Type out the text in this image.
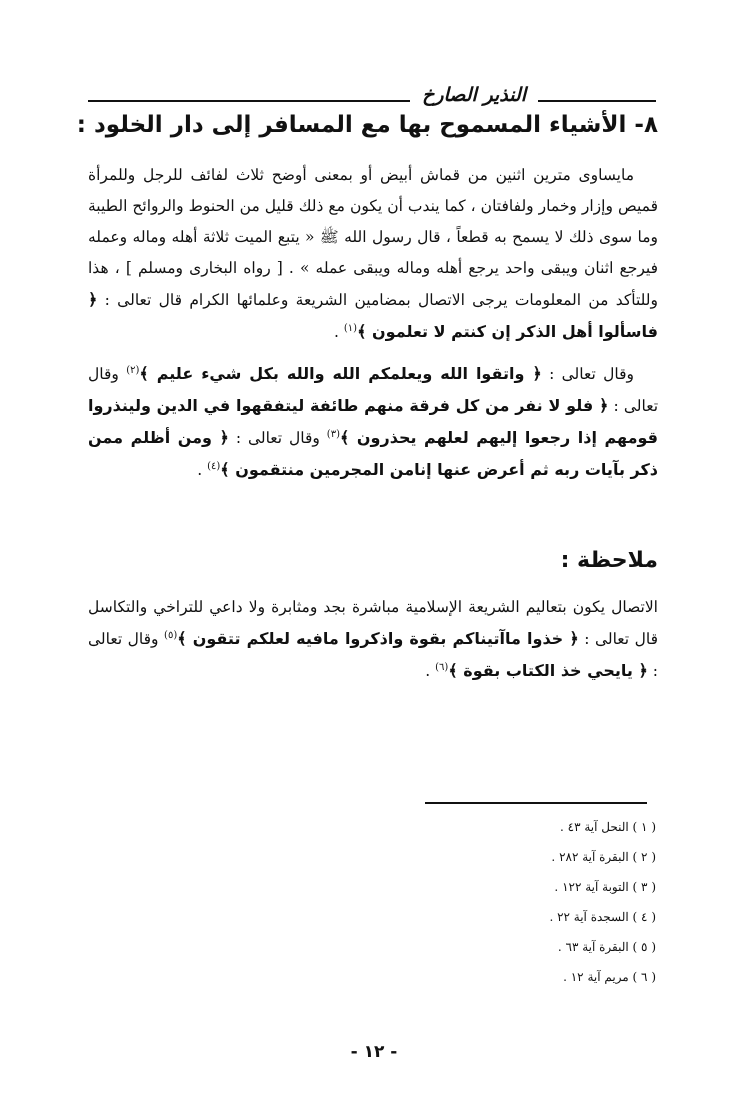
النذير الصارخ
٨- الأشياء المسموح بها مع المسافر إلى دار الخلود :

مايساوى مترين اثنين من قماش أبيض أو بمعنى أوضح ثلاث لفائف للرجل وللمرأة قميص وإزار وخمار ولفافتان ، كما يندب أن يكون مع ذلك قليل من الحنوط والروائح الطيبة وما سوى ذلك لا يسمح به قطعاً ، قال رسول الله ﷺ « يتبع الميت ثلاثة أهله وماله وعمله فيرجع اثنان ويبقى واحد يرجع أهله وماله ويبقى عمله » . [ رواه البخارى ومسلم ] ، هذا وللتأكد من المعلومات يرجى الاتصال بمضامين الشريعة وعلمائها الكرام قال تعالى : ﴿ فاسألوا أهل الذكر إن كنتم لا تعلمون ﴾$^{(١)}$ .

وقال تعالى : ﴿ واتقوا الله ويعلمكم الله والله بكل شيء عليم ﴾$^{(٢)}$ وقال تعالى : ﴿ فلو لا نفر من كل فرقة منهم طائفة ليتفقهوا في الدين ولينذروا قومهم إذا رجعوا إليهم لعلهم يحذرون ﴾$^{(٣)}$ وقال تعالى : ﴿ ومن أظلم ممن ذكر بآيات ربه ثم أعرض عنها إنامن المجرمين منتقمون ﴾$^{(٤)}$ .

ملاحظة :

الاتصال يكون بتعاليم الشريعة الإسلامية مباشرة بجد ومثابرة ولا داعي للتراخي والتكاسل قال تعالى : ﴿ خذوا ماآتيناكم بقوة واذكروا مافيه لعلكم تتقون ﴾$^{(٥)}$ وقال تعالى : ﴿ يايحي خذ الكتاب بقوة ﴾$^{(٦)}$ .

( ١ ) النحل آية ٤٣ .
( ٢ ) البقرة آية ٢٨٢ .
( ٣ ) التوبة آية ١٢٢ .
( ٤ ) السجدة آية ٢٢ .
( ٥ ) البقرة آية ٦٣ .
( ٦ ) مريم آية ١٢ .
- ١٢ -
